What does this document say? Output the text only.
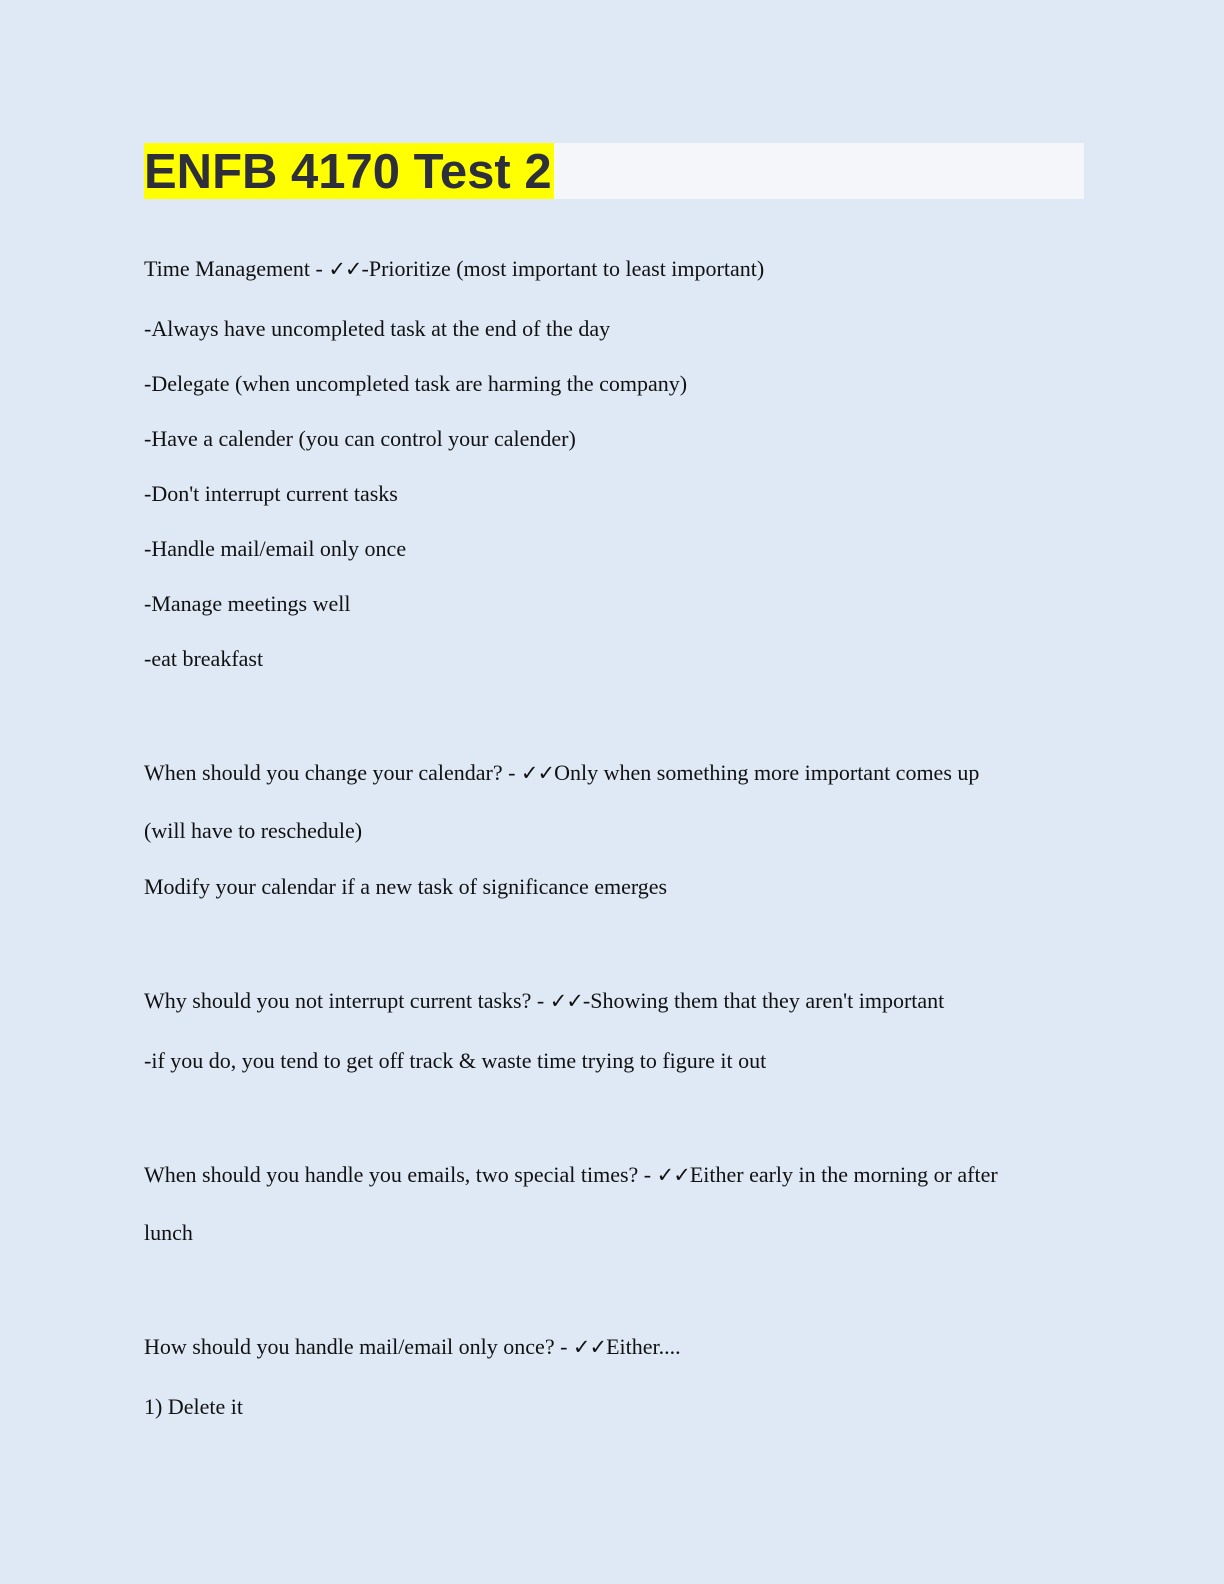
ENFB 4170 Test 2
Time Management - ✓✓-Prioritize (most important to least important)
-Always have uncompleted task at the end of the day
-Delegate (when uncompleted task are harming the company)
-Have a calender (you can control your calender)
-Don't interrupt current tasks
-Handle mail/email only once
-Manage meetings well
-eat breakfast
When should you change your calendar? - ✓✓Only when something more important comes up
(will have to reschedule)
Modify your calendar if a new task of significance emerges
Why should you not interrupt current tasks? - ✓✓-Showing them that they aren't important
-if you do, you tend to get off track & waste time trying to figure it out
When should you handle you emails, two special times? - ✓✓Either early in the morning or after
lunch
How should you handle mail/email only once? - ✓✓Either....
1) Delete it
